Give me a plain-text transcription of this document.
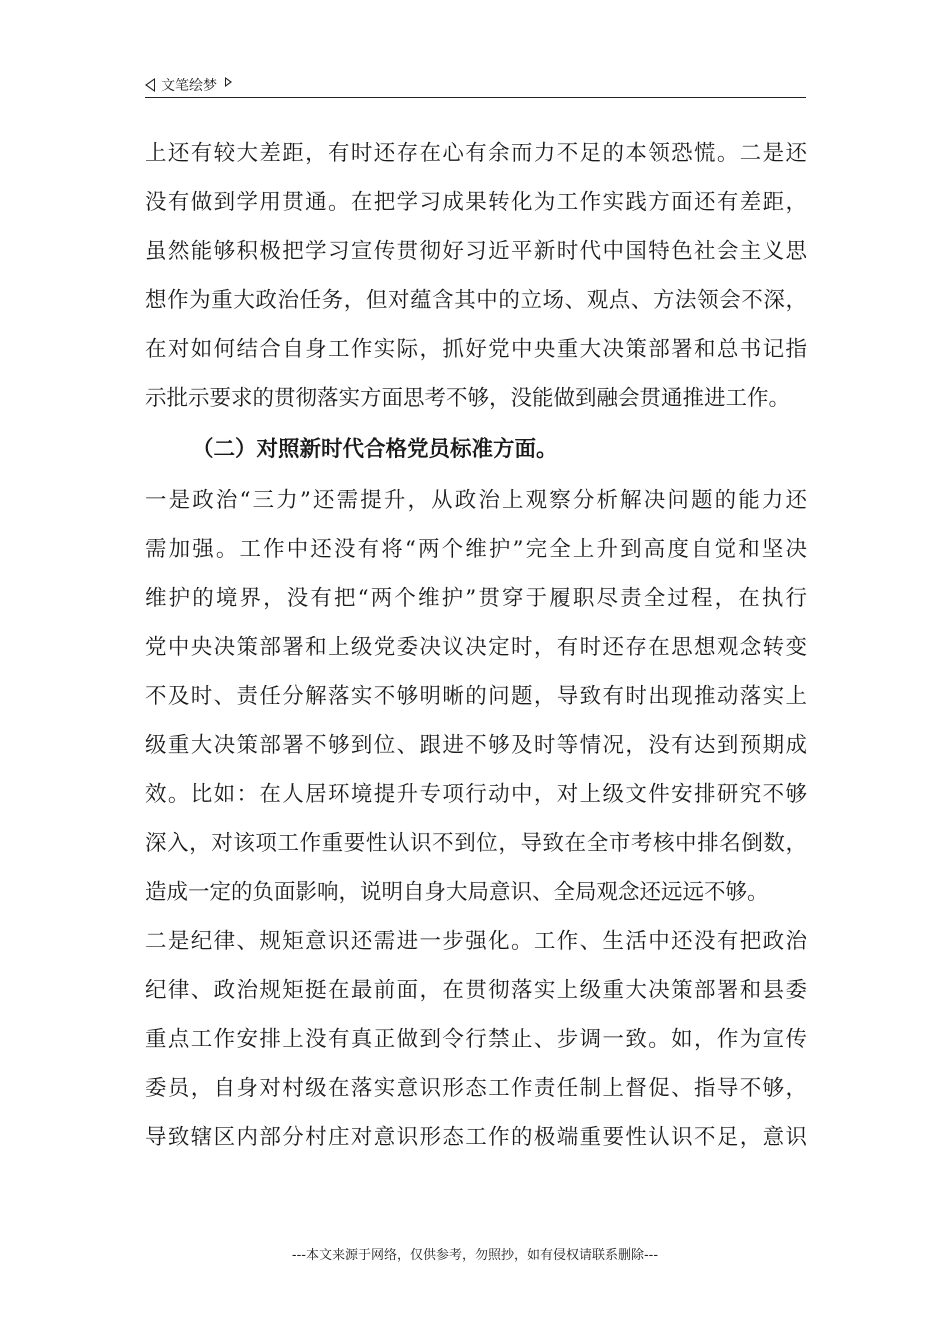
文笔绘梦
上还有较大差距，有时还存在心有余而力不足的本领恐慌。二是还
没有做到学用贯通。在把学习成果转化为工作实践方面还有差距，
虽然能够积极把学习宣传贯彻好习近平新时代中国特色社会主义思
想作为重大政治任务，但对蕴含其中的立场、观点、方法领会不深，
在对如何结合自身工作实际，抓好党中央重大决策部署和总书记指
示批示要求的贯彻落实方面思考不够，没能做到融会贯通推进工作。
（二）对照新时代合格党员标准方面。
一是政治“三力”还需提升，从政治上观察分析解决问题的能力还
需加强。工作中还没有将“两个维护”完全上升到高度自觉和坚决
维护的境界，没有把“两个维护”贯穿于履职尽责全过程，在执行
党中央决策部署和上级党委决议决定时，有时还存在思想观念转变
不及时、责任分解落实不够明晰的问题，导致有时出现推动落实上
级重大决策部署不够到位、跟进不够及时等情况，没有达到预期成
效。比如：在人居环境提升专项行动中，对上级文件安排研究不够
深入，对该项工作重要性认识不到位，导致在全市考核中排名倒数，
造成一定的负面影响，说明自身大局意识、全局观念还远远不够。
二是纪律、规矩意识还需进一步强化。工作、生活中还没有把政治
纪律、政治规矩挺在最前面，在贯彻落实上级重大决策部署和县委
重点工作安排上没有真正做到令行禁止、步调一致。如，作为宣传
委员，自身对村级在落实意识形态工作责任制上督促、指导不够，
导致辖区内部分村庄对意识形态工作的极端重要性认识不足，意识
---本文来源于网络，仅供参考，勿照抄，如有侵权请联系删除---
